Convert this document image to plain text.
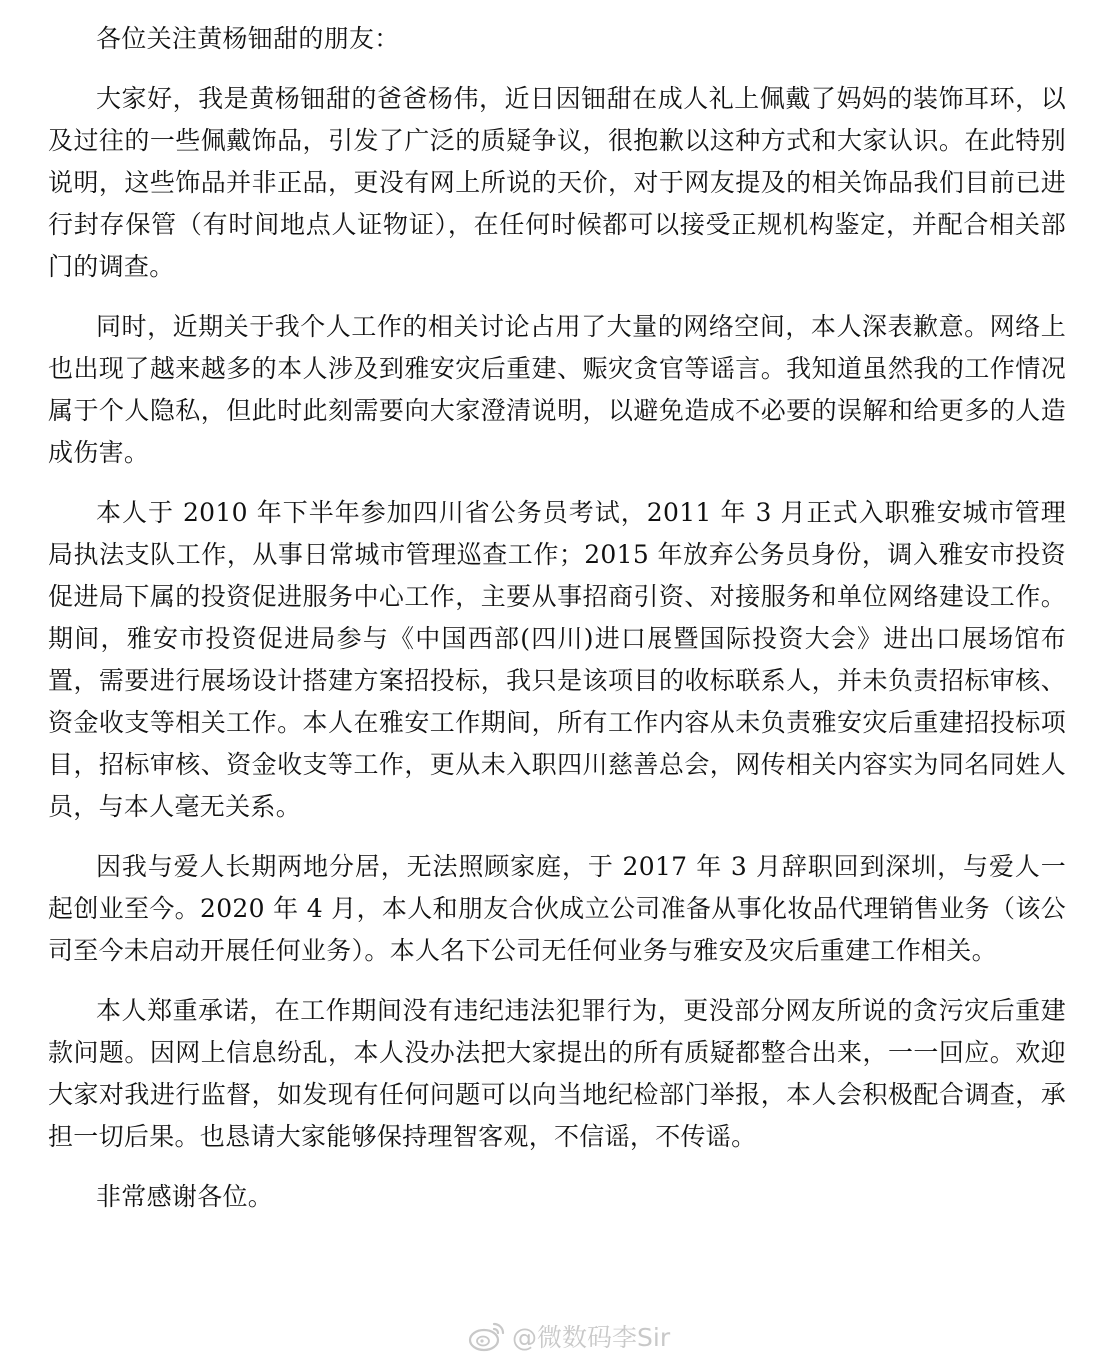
各位关注黄杨钿甜的朋友：

大家好，我是黄杨钿甜的爸爸杨伟，近日因钿甜在成人礼上佩戴了妈妈的装饰耳环，以及过往的一些佩戴饰品，引发了广泛的质疑争议，很抱歉以这种方式和大家认识。在此特别说明，这些饰品并非正品，更没有网上所说的天价，对于网友提及的相关饰品我们目前已进行封存保管（有时间地点人证物证），在任何时候都可以接受正规机构鉴定，并配合相关部门的调查。

同时，近期关于我个人工作的相关讨论占用了大量的网络空间，本人深表歉意。网络上也出现了越来越多的本人涉及到雅安灾后重建、赈灾贪官等谣言。我知道虽然我的工作情况属于个人隐私，但此时此刻需要向大家澄清说明，以避免造成不必要的误解和给更多的人造成伤害。

本人于 2010 年下半年参加四川省公务员考试，2011 年 3 月正式入职雅安城市管理局执法支队工作，从事日常城市管理巡查工作；2015 年放弃公务员身份，调入雅安市投资促进局下属的投资促进服务中心工作，主要从事招商引资、对接服务和单位网络建设工作。期间，雅安市投资促进局参与《中国西部(四川)进口展暨国际投资大会》进出口展场馆布置，需要进行展场设计搭建方案招投标，我只是该项目的收标联系人，并未负责招标审核、资金收支等相关工作。本人在雅安工作期间，所有工作内容从未负责雅安灾后重建招投标项目，招标审核、资金收支等工作，更从未入职四川慈善总会，网传相关内容实为同名同姓人员，与本人毫无关系。

因我与爱人长期两地分居，无法照顾家庭，于 2017 年 3 月辞职回到深圳，与爱人一起创业至今。2020 年 4 月，本人和朋友合伙成立公司准备从事化妆品代理销售业务（该公司至今未启动开展任何业务）。本人名下公司无任何业务与雅安及灾后重建工作相关。

本人郑重承诺，在工作期间没有违纪违法犯罪行为，更没部分网友所说的贪污灾后重建款问题。因网上信息纷乱，本人没办法把大家提出的所有质疑都整合出来，一一回应。欢迎大家对我进行监督，如发现有任何问题可以向当地纪检部门举报，本人会积极配合调查，承担一切后果。也恳请大家能够保持理智客观，不信谣，不传谣。

非常感谢各位。

@微数码李Sir
